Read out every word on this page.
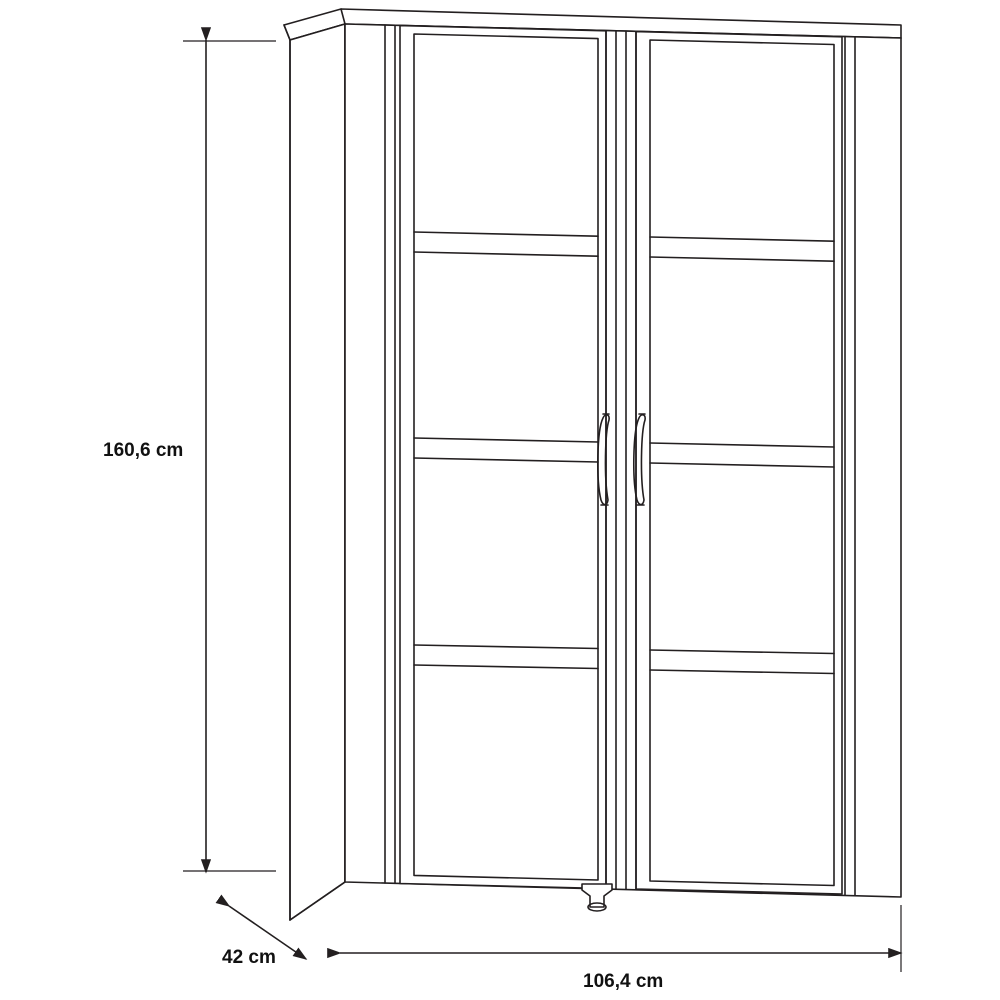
160,6 cm
106,4 cm
42 cm
